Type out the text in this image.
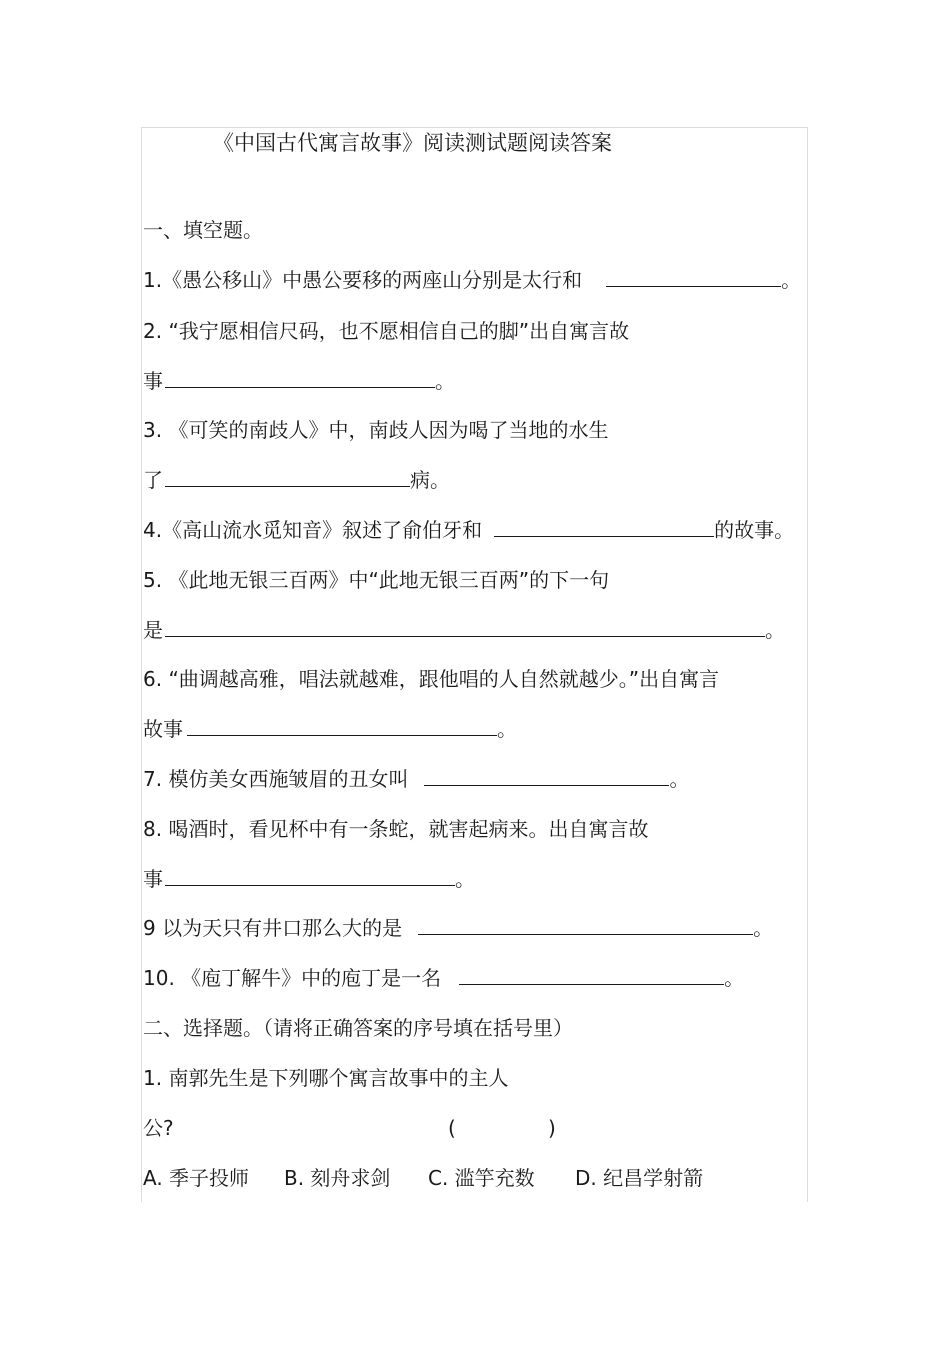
《中国古代寓言故事》阅读测试题阅读答案
一、填空题。
1.《愚公移山》中愚公要移的两座山分别是太行和	。
2. “我宁愿相信尺码，也不愿相信自己的脚”出自寓言故
事	。
3. 《可笑的南歧人》中，南歧人因为喝了当地的水生
了	病。
4.《高山流水觅知音》叙述了俞伯牙和	的故事。
5. 《此地无银三百两》中“此地无银三百两”的下一句
是	。
6. “曲调越高雅，唱法就越难，跟他唱的人自然就越少。”出自寓言
故事	。
7. 模仿美女西施皱眉的丑女叫	。
8. 喝酒时，看见杯中有一条蛇，就害起病来。出自寓言故
事	。
9 以为天只有井口那么大的是	。
10. 《庖丁解牛》中的庖丁是一名	。
二、选择题。（请将正确答案的序号填在括号里）
1. 南郭先生是下列哪个寓言故事中的主人
公?	(	)
A. 季子投师 B. 刻舟求剑 C. 滥竽充数 D. 纪昌学射箭
